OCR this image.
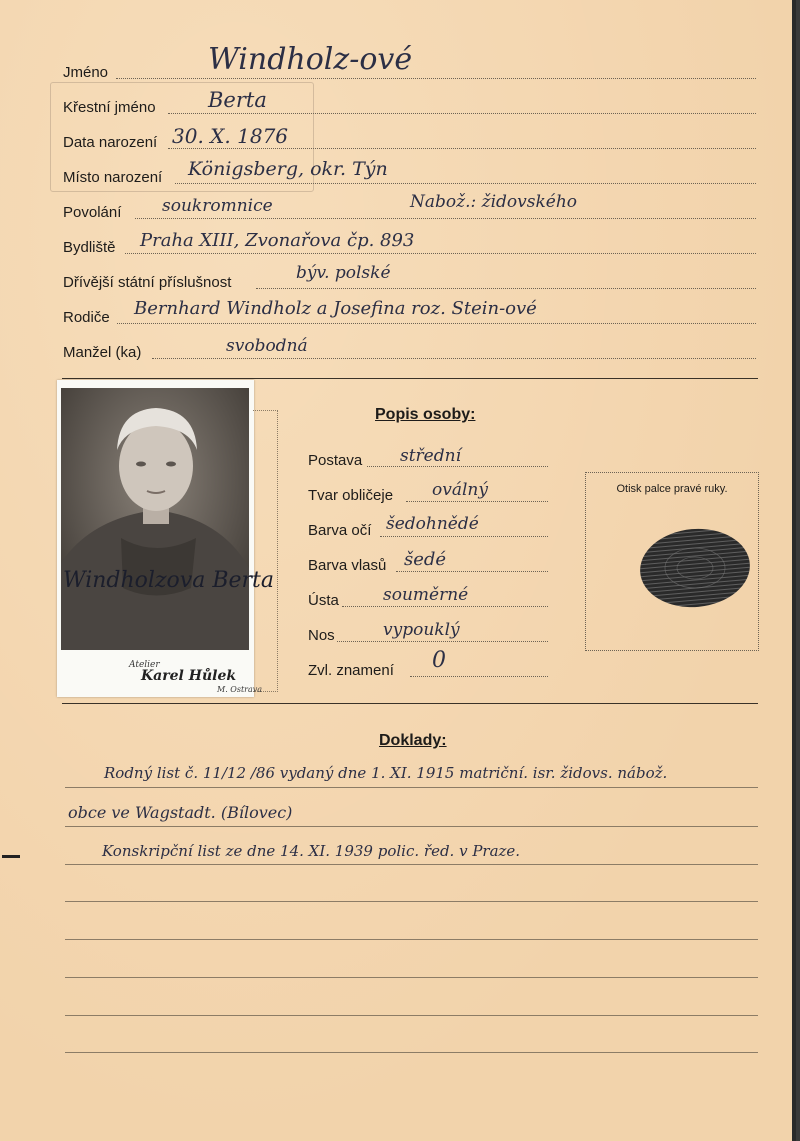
Jméno	Windholz-ové
Křestní jméno Berta
Data narození 30. X. 1876
Místo narození Königsberg, okr. Týn
Povolání soukromnice	Nabož.: židovského
Bydliště Praha XIII, Zvonařova čp. 893
Dřívější státní příslušnost	býv. polské
Rodiče Bernhard Windholz a Josefina roz. Stein-ové
Manžel (ka)	svobodná
Windholzova Berta
Atelier
Karel Hůlek
M. Ostrava
Popis osoby:
Postava střední
Tvar obličeje oválný
Barva očí šedohnědé
Barva vlasů šedé
Ústa	souměrné
Nos	vypouklý
Zvl. znamení 0
Otisk palce pravé ruky.
Doklady:
Rodný list č. 11/12 /86 vydaný dne 1. XI. 1915 matriční. isr. židovs. nábož.
obce ve Wagstadt. (Bílovec)
Konskripční list ze dne 14. XI. 1939 polic. řed. v Praze.
